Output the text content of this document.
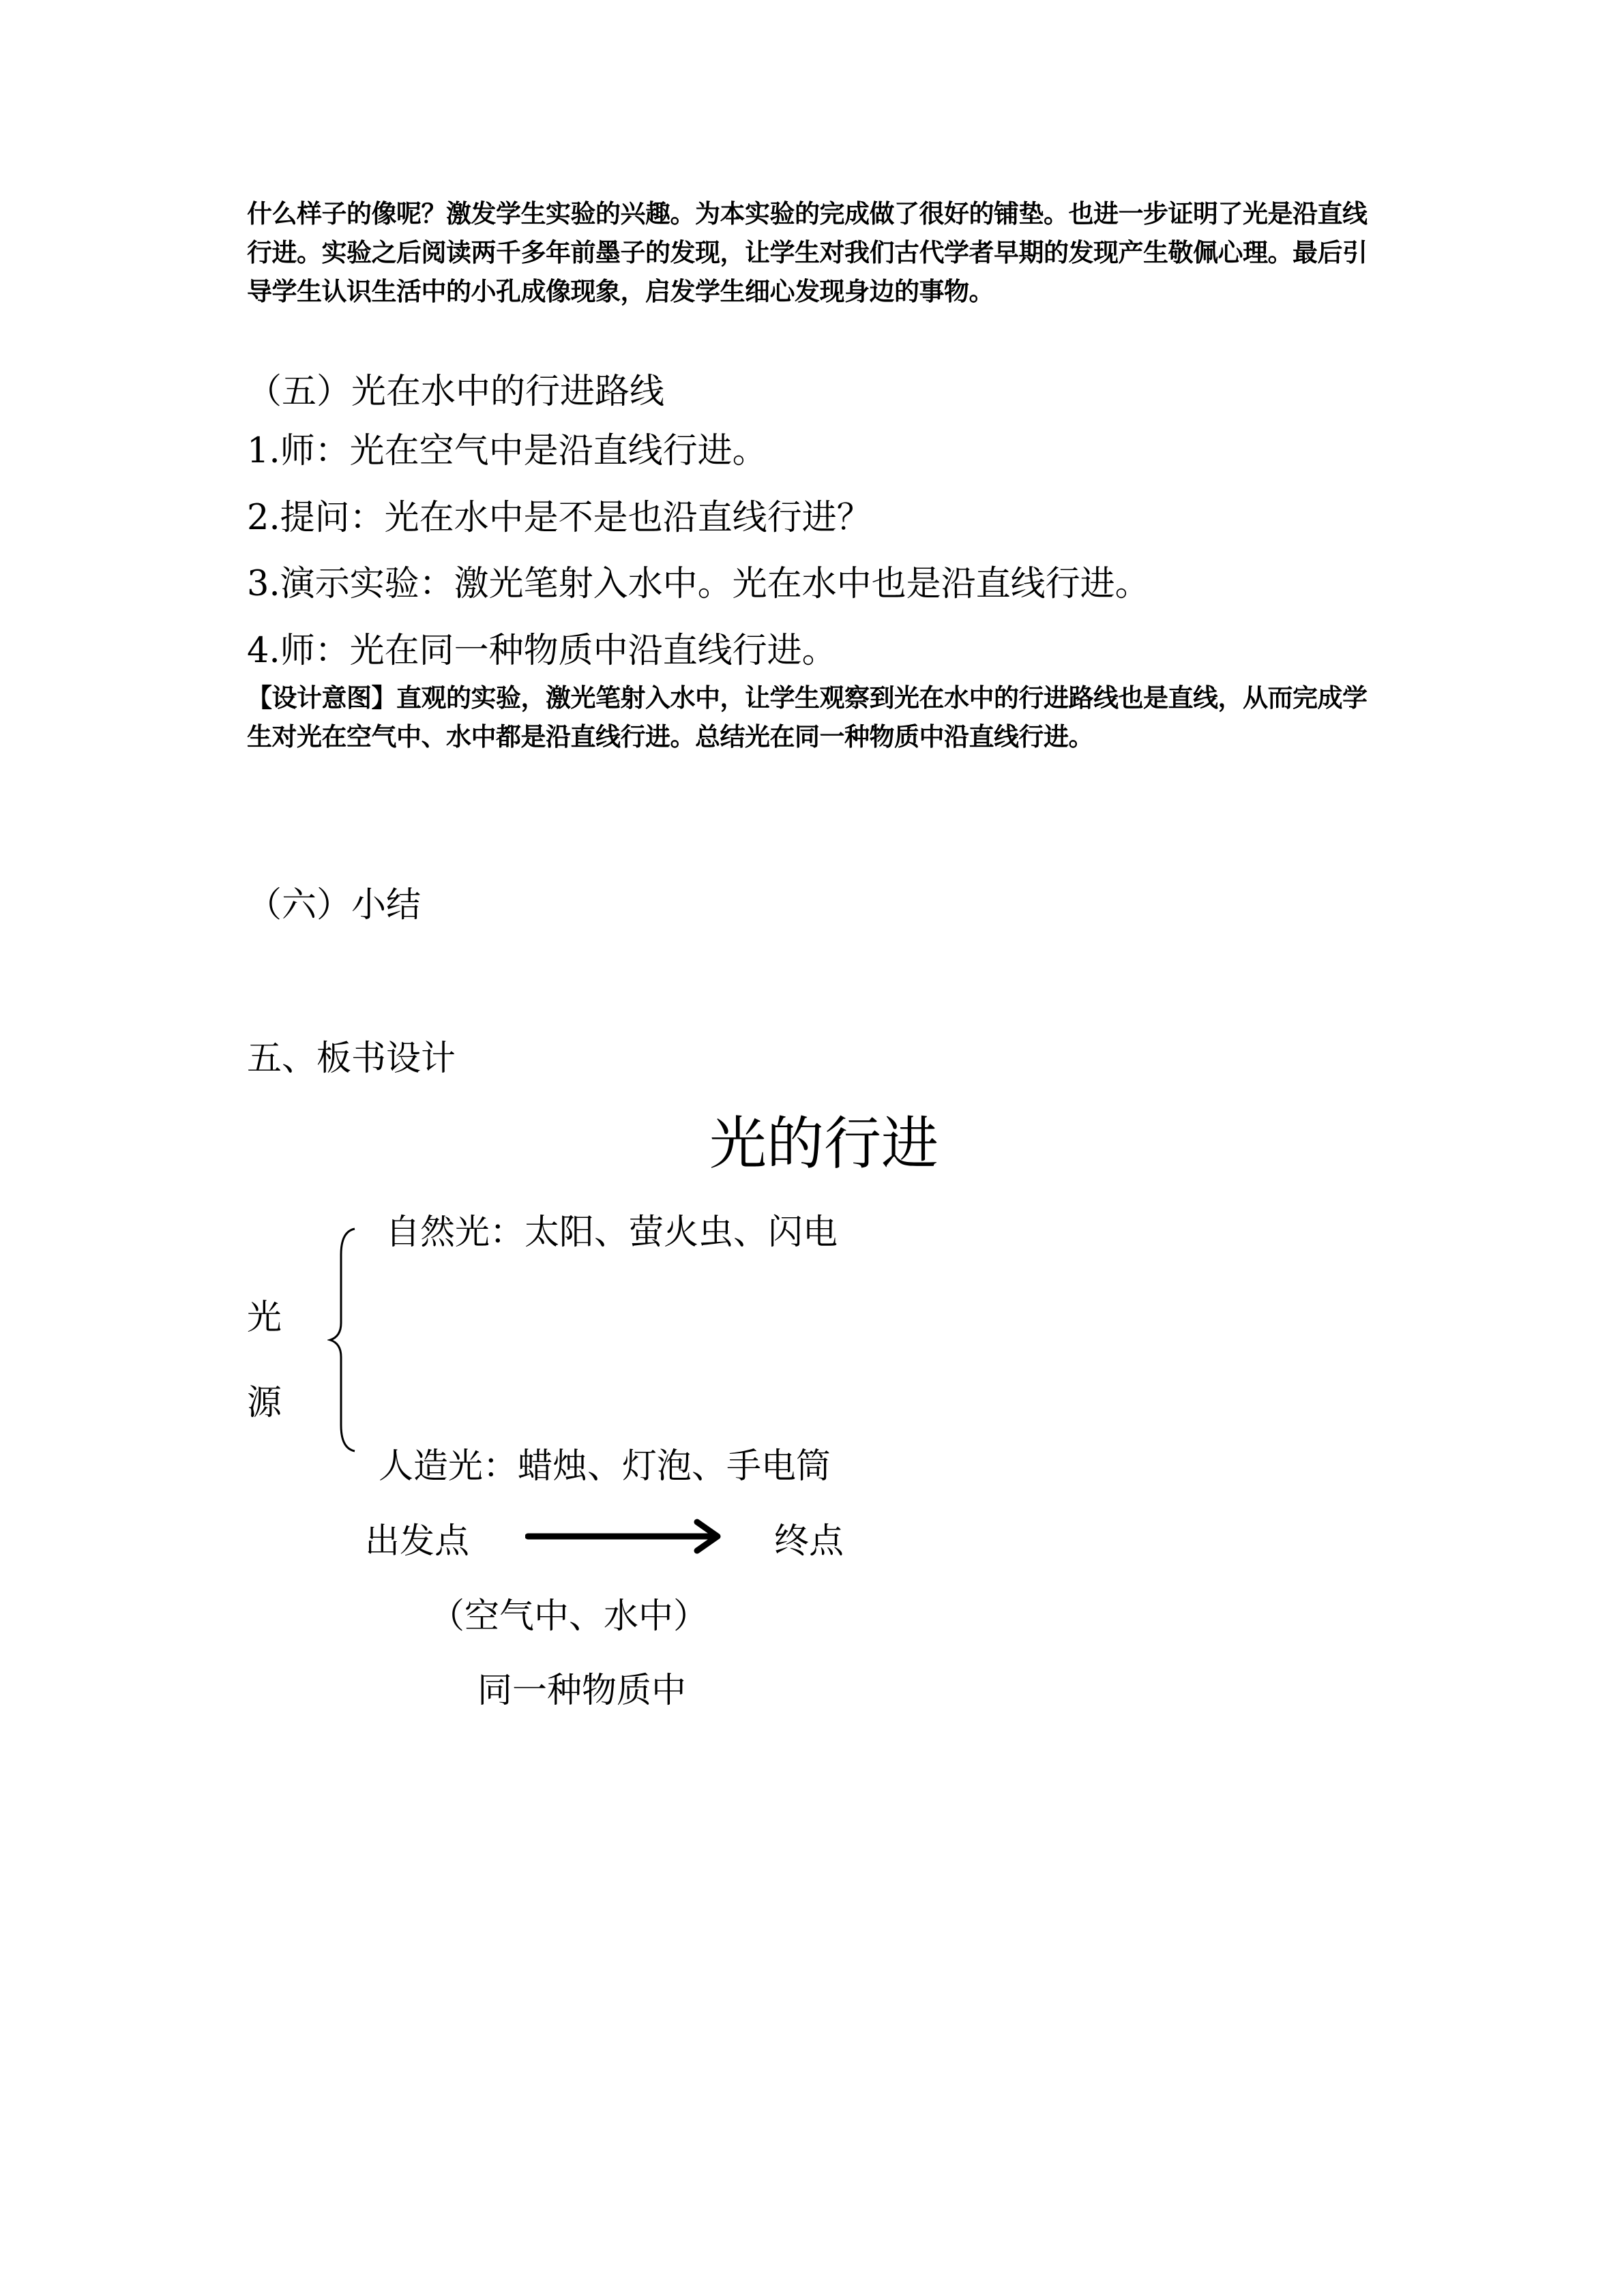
什么样子的像呢？激发学生实验的兴趣。为本实验的完成做了很好的铺垫。也进一步证明了光是沿直线行进。实验之后阅读两千多年前墨子的发现，让学生对我们古代学者早期的发现产生敬佩心理。最后引导学生认识生活中的小孔成像现象，启发学生细心发现身边的事物。
（五）光在水中的行进路线
1.师：光在空气中是沿直线行进。
2.提问：光在水中是不是也沿直线行进？
3.演示实验：激光笔射入水中。光在水中也是沿直线行进。
4.师：光在同一种物质中沿直线行进。
【设计意图】直观的实验，激光笔射入水中，让学生观察到光在水中的行进路线也是直线，从而完成学生对光在空气中、水中都是沿直线行进。总结光在同一种物质中沿直线行进。
（六）小结
五、板书设计
光的行进
自然光：太阳、萤火虫、闪电
光
源
人造光：蜡烛、灯泡、手电筒
出发点	终点
（空气中、水中）
同一种物质中
